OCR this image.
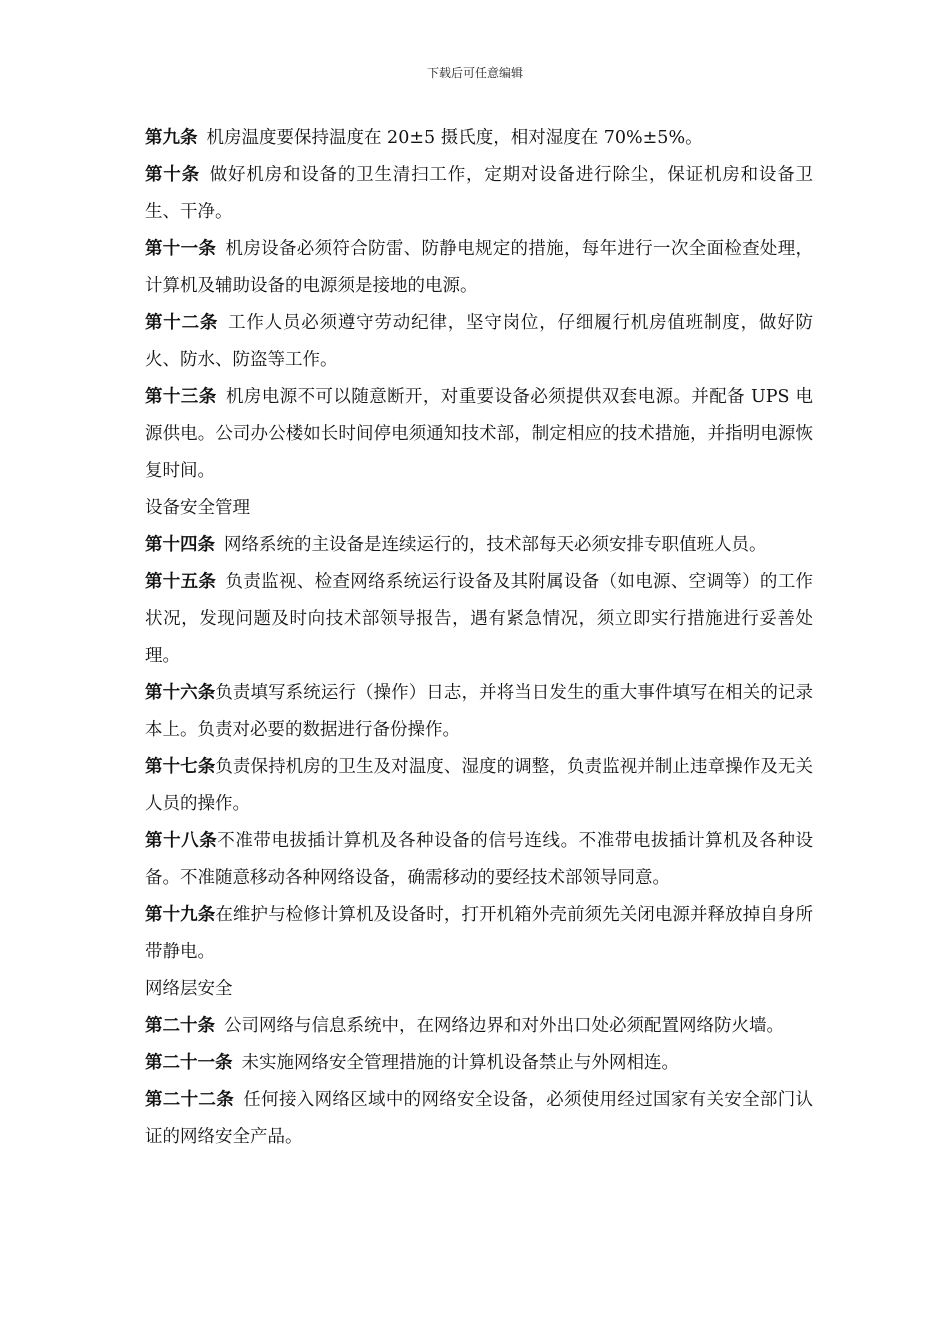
下载后可任意编辑

第九条 机房温度要保持温度在 20±5 摄氏度，相对湿度在 70%±5%。

第十条 做好机房和设备的卫生清扫工作，定期对设备进行除尘，保证机房和设备卫生、干净。

第十一条 机房设备必须符合防雷、防静电规定的措施，每年进行一次全面检查处理，计算机及辅助设备的电源须是接地的电源。

第十二条 工作人员必须遵守劳动纪律，坚守岗位，仔细履行机房值班制度，做好防火、防水、防盗等工作。

第十三条 机房电源不可以随意断开，对重要设备必须提供双套电源。并配备 UPS 电源供电。公司办公楼如长时间停电须通知技术部，制定相应的技术措施，并指明电源恢复时间。

设备安全管理

第十四条 网络系统的主设备是连续运行的，技术部每天必须安排专职值班人员。

第十五条 负责监视、检查网络系统运行设备及其附属设备（如电源、空调等）的工作状况，发现问题及时向技术部领导报告，遇有紧急情况，须立即实行措施进行妥善处理。

第十六条负责填写系统运行（操作）日志，并将当日发生的重大事件填写在相关的记录本上。负责对必要的数据进行备份操作。

第十七条负责保持机房的卫生及对温度、湿度的调整，负责监视并制止违章操作及无关人员的操作。

第十八条不准带电拔插计算机及各种设备的信号连线。不准带电拔插计算机及各种设备。不准随意移动各种网络设备，确需移动的要经技术部领导同意。

第十九条在维护与检修计算机及设备时，打开机箱外壳前须先关闭电源并释放掉自身所带静电。

网络层安全

第二十条 公司网络与信息系统中，在网络边界和对外出口处必须配置网络防火墙。

第二十一条 未实施网络安全管理措施的计算机设备禁止与外网相连。

第二十二条 任何接入网络区域中的网络安全设备，必须使用经过国家有关安全部门认证的网络安全产品。
